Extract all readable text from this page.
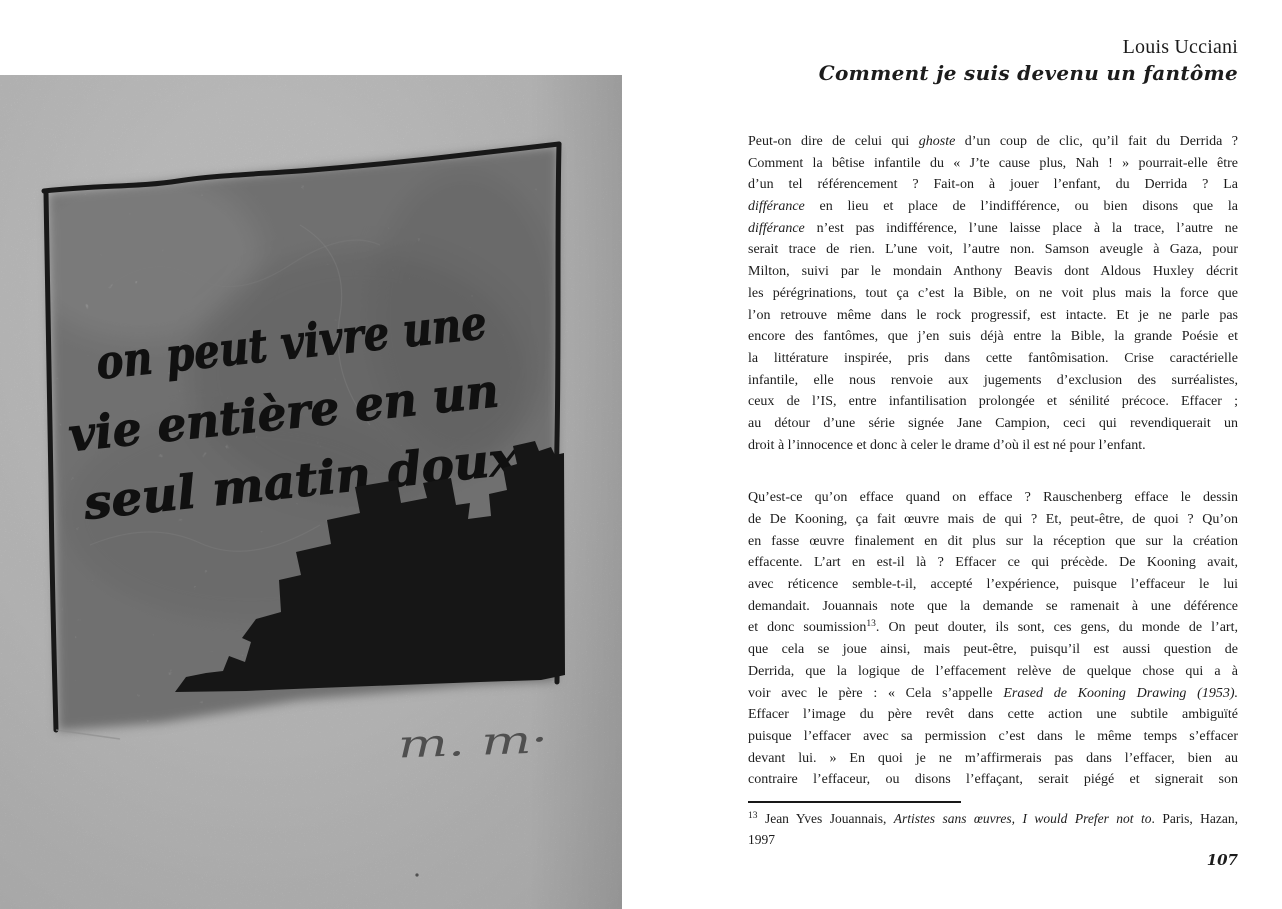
on peut vivre une
vie entière en un
seul matin doux
m. m·
Louis Ucciani
Comment je suis devenu un fantôme
Peut-on dire de celui qui ghoste d’un coup de clic, qu’il fait du Derrida ?
Comment la bêtise infantile du « J’te cause plus, Nah ! » pourrait-elle être
d’un tel référencement ? Fait-on à jouer l’enfant, du Derrida ? La
différance en lieu et place de l’indifférence, ou bien disons que la
différance n’est pas indifférence, l’une laisse place à la trace, l’autre ne
serait trace de rien. L’une voit, l’autre non. Samson aveugle à Gaza, pour
Milton, suivi par le mondain Anthony Beavis dont Aldous Huxley décrit
les pérégrinations, tout ça c’est la Bible, on ne voit plus mais la force que
l’on retrouve même dans le rock progressif, est intacte. Et je ne parle pas
encore des fantômes, que j’en suis déjà entre la Bible, la grande Poésie et
la littérature inspirée, pris dans cette fantômisation. Crise caractérielle
infantile, elle nous renvoie aux jugements d’exclusion des surréalistes,
ceux de l’IS, entre infantilisation prolongée et sénilité précoce. Effacer ;
au détour d’une série signée Jane Campion, ceci qui revendiquerait un
droit à l’innocence et donc à celer le drame d’où il est né pour l’enfant.
Qu’est-ce qu’on efface quand on efface ? Rauschenberg efface le dessin
de De Kooning, ça fait œuvre mais de qui ? Et, peut-être, de quoi ? Qu’on
en fasse œuvre finalement en dit plus sur la réception que sur la création
effacente. L’art en est-il là ? Effacer ce qui précède. De Kooning avait,
avec réticence semble-t-il, accepté l’expérience, puisque l’effaceur le lui
demandait. Jouannais note que la demande se ramenait à une déférence
et donc soumission$^{13}$. On peut douter, ils sont, ces gens, du monde de l’art,
que cela se joue ainsi, mais peut-être, puisqu’il est aussi question de
Derrida, que la logique de l’effacement relève de quelque chose qui a à
voir avec le père : « Cela s’appelle Erased de Kooning Drawing (1953).
Effacer l’image du père revêt dans cette action une subtile ambiguïté
puisque l’effacer avec sa permission c’est dans le même temps s’effacer
devant lui. » En quoi je ne m’affirmerais pas dans l’effacer, bien au
contraire l’effaceur, ou disons l’effaçant, serait piégé et signerait son
$^{13}$ Jean Yves Jouannais, Artistes sans œuvres, I would Prefer not to. Paris, Hazan,
1997
107
